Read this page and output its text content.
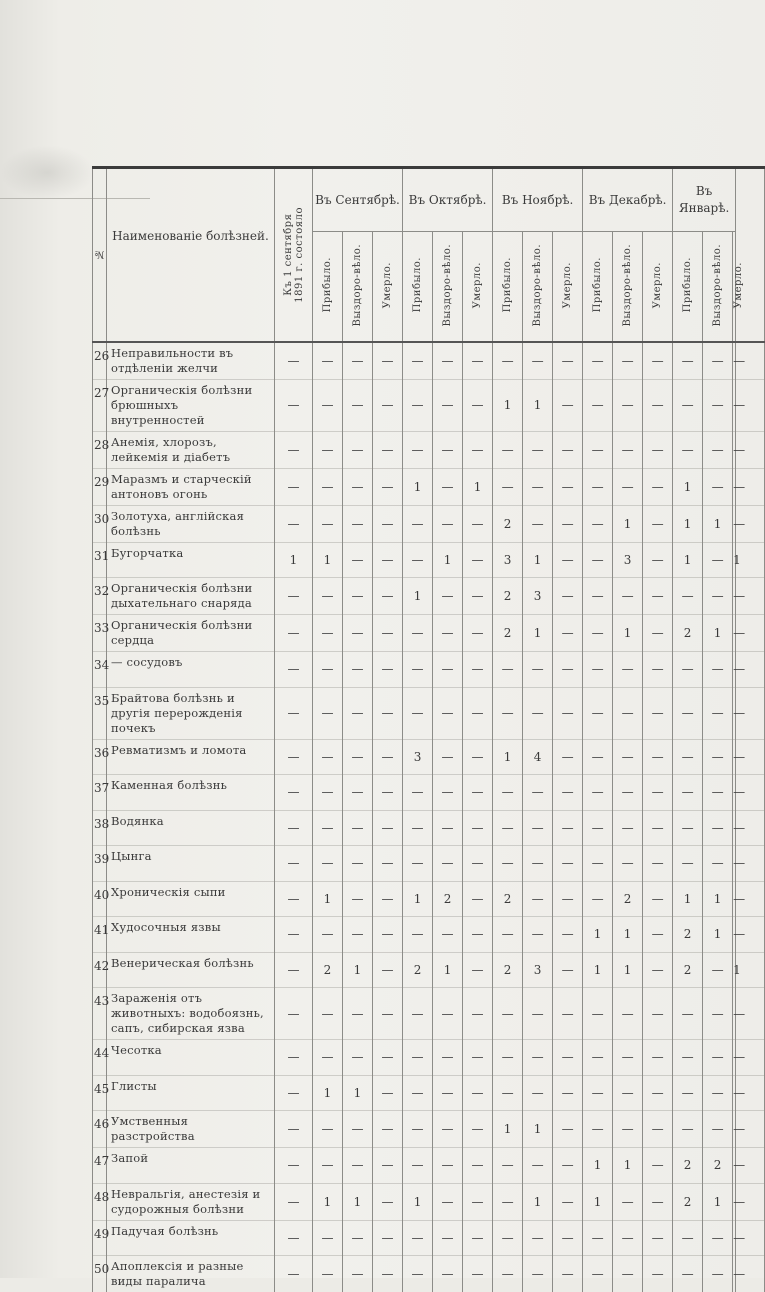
№	Наименованіе болѣзней.	Къ 1 сентября
1891 г. состояло	Въ Сентябрѣ.			Въ Октябрѣ.			Въ Ноябрѣ.			Въ Декабрѣ.			Въ Январѣ.			
			Прибыло.	Выздоро-вѣло.	Умерло.	Прибыло.	Выздоро-вѣло.	Умерло.	Прибыло.	Выздоро-вѣло.	Умерло.	Прибыло.	Выздоро-вѣло.	Умерло.	Прибыло.	Выздоро-вѣло.	Умерло.	
26	Неправильности въ отдѣленіи желчи	—	—	—	—	—	—	—	—	—	—	—	—	—	—	—	—	
27	Органическія болѣзни брюшныхъ внутренностей	—	—	—	—	—	—	—	1	1	—	—	—	—	—	—	—	
28	Анемія, хлорозъ, лейкемія и діабетъ	—	—	—	—	—	—	—	—	—	—	—	—	—	—	—	—	
29	Маразмъ и старческій антоновъ огонь	—	—	—	—	1	—	1	—	—	—	—	—	—	1	—	—	
30	Золотуха, англійская болѣзнь	—	—	—	—	—	—	—	2	—	—	—	1	—	1	1	—	
31	Бугорчатка	1	1	—	—	—	1	—	3	1	—	—	3	—	1	—	1	
32	Органическія болѣзни дыхательнаго снаряда	—	—	—	—	1	—	—	2	3	—	—	—	—	—	—	—	
33	Органическія болѣзни сердца	—	—	—	—	—	—	—	2	1	—	—	1	—	2	1	—	
34	— сосудовъ	—	—	—	—	—	—	—	—	—	—	—	—	—	—	—	—	
35	Брайтова болѣзнь и другія перерожденія почекъ	—	—	—	—	—	—	—	—	—	—	—	—	—	—	—	—	
36	Ревматизмъ и ломота	—	—	—	—	3	—	—	1	4	—	—	—	—	—	—	—	
37	Каменная болѣзнь	—	—	—	—	—	—	—	—	—	—	—	—	—	—	—	—	
38	Водянка	—	—	—	—	—	—	—	—	—	—	—	—	—	—	—	—	
39	Цынга	—	—	—	—	—	—	—	—	—	—	—	—	—	—	—	—	
40	Хроническія сыпи	—	1	—	—	1	2	—	2	—	—	—	2	—	1	1	—	
41	Худосочныя язвы	—	—	—	—	—	—	—	—	—	—	1	1	—	2	1	—	
42	Венерическая болѣзнь	—	2	1	—	2	1	—	2	3	—	1	1	—	2	—	1	
43	Зараженія отъ животныхъ: водобоязнь, сапъ, сибирская язва	—	—	—	—	—	—	—	—	—	—	—	—	—	—	—	—	
44	Чесотка	—	—	—	—	—	—	—	—	—	—	—	—	—	—	—	—	
45	Глисты	—	1	1	—	—	—	—	—	—	—	—	—	—	—	—	—	
46	Умственныя разстройства	—	—	—	—	—	—	—	1	1	—	—	—	—	—	—	—	
47	Запой	—	—	—	—	—	—	—	—	—	—	1	1	—	2	2	—	
48	Невральгія, анестезія и судорожныя болѣзни	—	1	1	—	1	—	—	—	1	—	1	—	—	2	1	—	
49	Падучая болѣзнь	—	—	—	—	—	—	—	—	—	—	—	—	—	—	—	—	
50	Апоплексія и разные виды паралича	—	—	—	—	—	—	—	—	—	—	—	—	—	—	—	—	
